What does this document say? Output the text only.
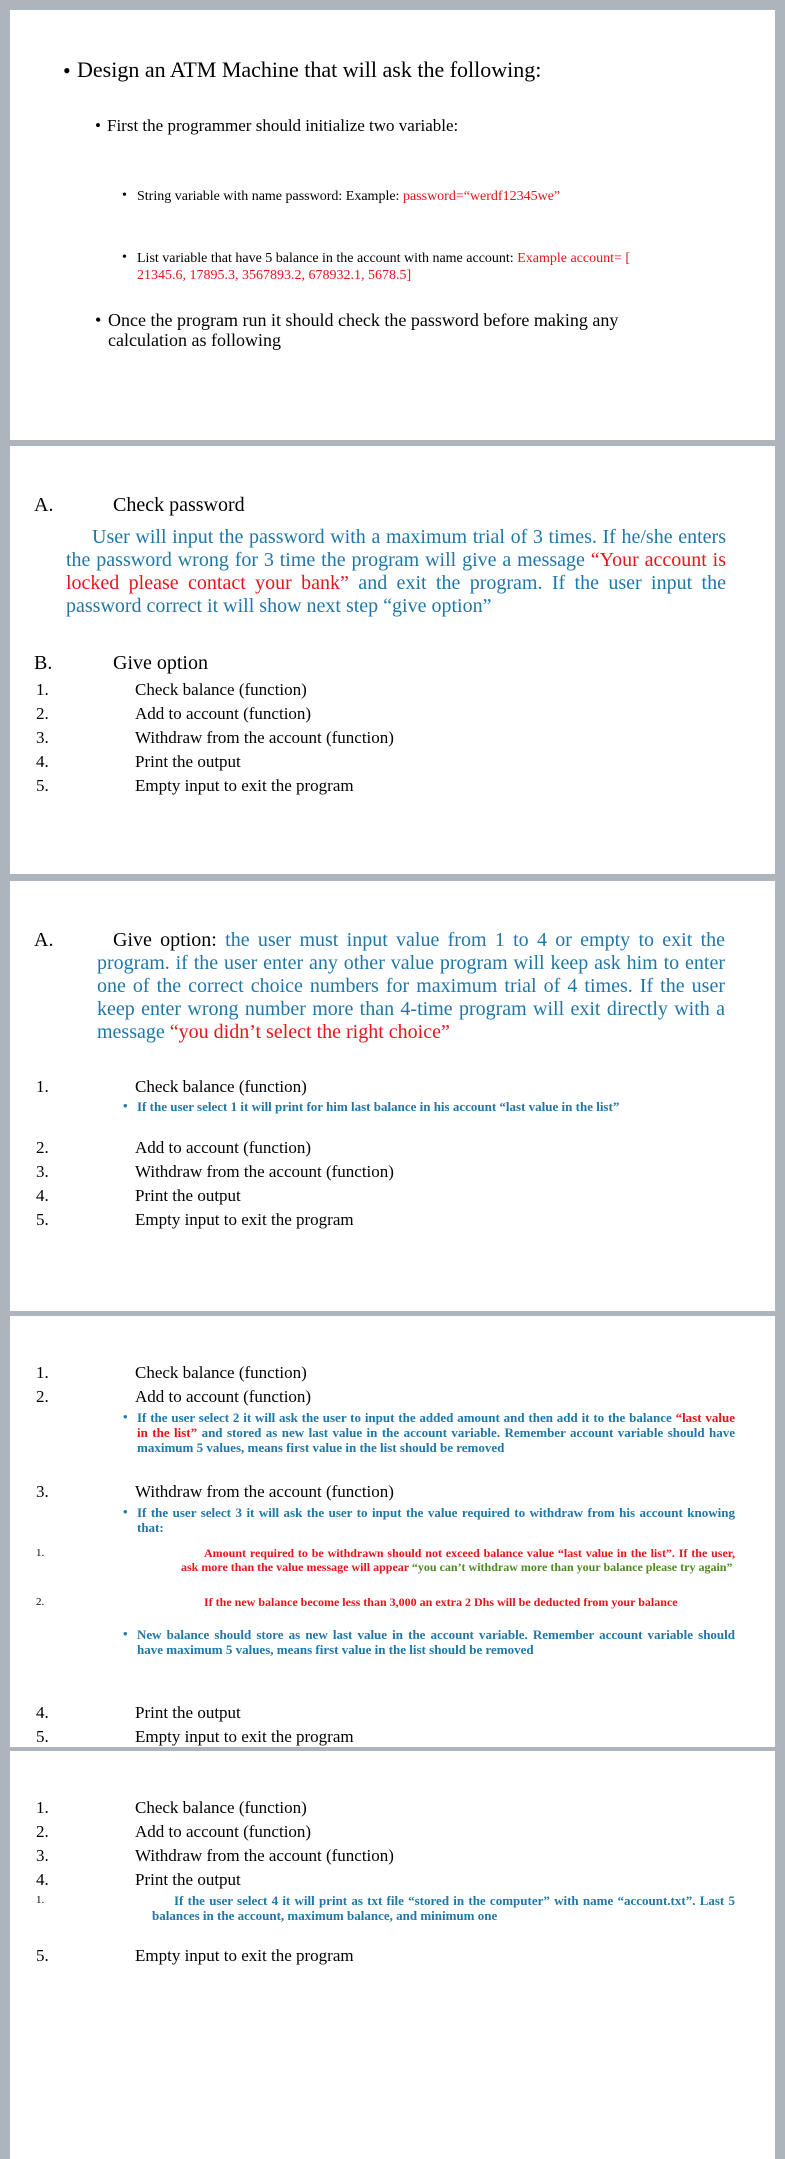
• Design an ATM Machine that will ask the following:
• First the programmer should initialize two variable:
• String variable with name password: Example: password=“werdf12345we”
• List variable that have 5 balance in the account with name account: Example account= [
21345.6, 17895.3, 3567893.2, 678932.1, 5678.5]
• Once the program run it should check the password before making any
calculation as following
A.	Check password
User will input the password with a maximum trial of 3 times. If he/she enters the password wrong for 3 time the program will give a message “Your account is locked please contact your bank” and exit the program. If the user input the password correct it will show next step “give option”
B.	Give option
1.	Check balance (function)
2.	Add to account (function)
3.	Withdraw from the account (function)
4.	Print the output
5.	Empty input to exit the program
A.	Give option: the user must input value from 1 to 4 or empty to exit the program. if the user enter any other value program will keep ask him to enter one of the correct choice numbers for maximum trial of 4 times. If the user keep enter wrong number more than 4-time program will exit directly with a message “you didn’t select the right choice”
1.	Check balance (function)
• If the user select 1 it will print for him last balance in his account “last value in the list”
2.	Add to account (function)
3.	Withdraw from the account (function)
4.	Print the output
5.	Empty input to exit the program
1.	Check balance (function)
2.	Add to account (function)
• If the user select 2 it will ask the user to input the added amount and then add it to the balance “last value in the list” and stored as new last value in the account variable. Remember account variable should have maximum 5 values, means first value in the list should be removed
3.	Withdraw from the account (function)
• If the user select 3 it will ask the user to input the value required to withdraw from his account knowing that:
1.	Amount required to be withdrawn should not exceed balance value “last value in the list”. If the user, ask more than the value message will appear “you can’t withdraw more than your balance please try again”
2.	If the new balance become less than 3,000 an extra 2 Dhs will be deducted from your balance
• New balance should store as new last value in the account variable. Remember account variable should have maximum 5 values, means first value in the list should be removed
4.	Print the output
5.	Empty input to exit the program
1.	Check balance (function)
2.	Add to account (function)
3.	Withdraw from the account (function)
4.	Print the output
1.	If the user select 4 it will print as txt file “stored in the computer” with name “account.txt”. Last 5 balances in the account, maximum balance, and minimum one
5.	Empty input to exit the program
